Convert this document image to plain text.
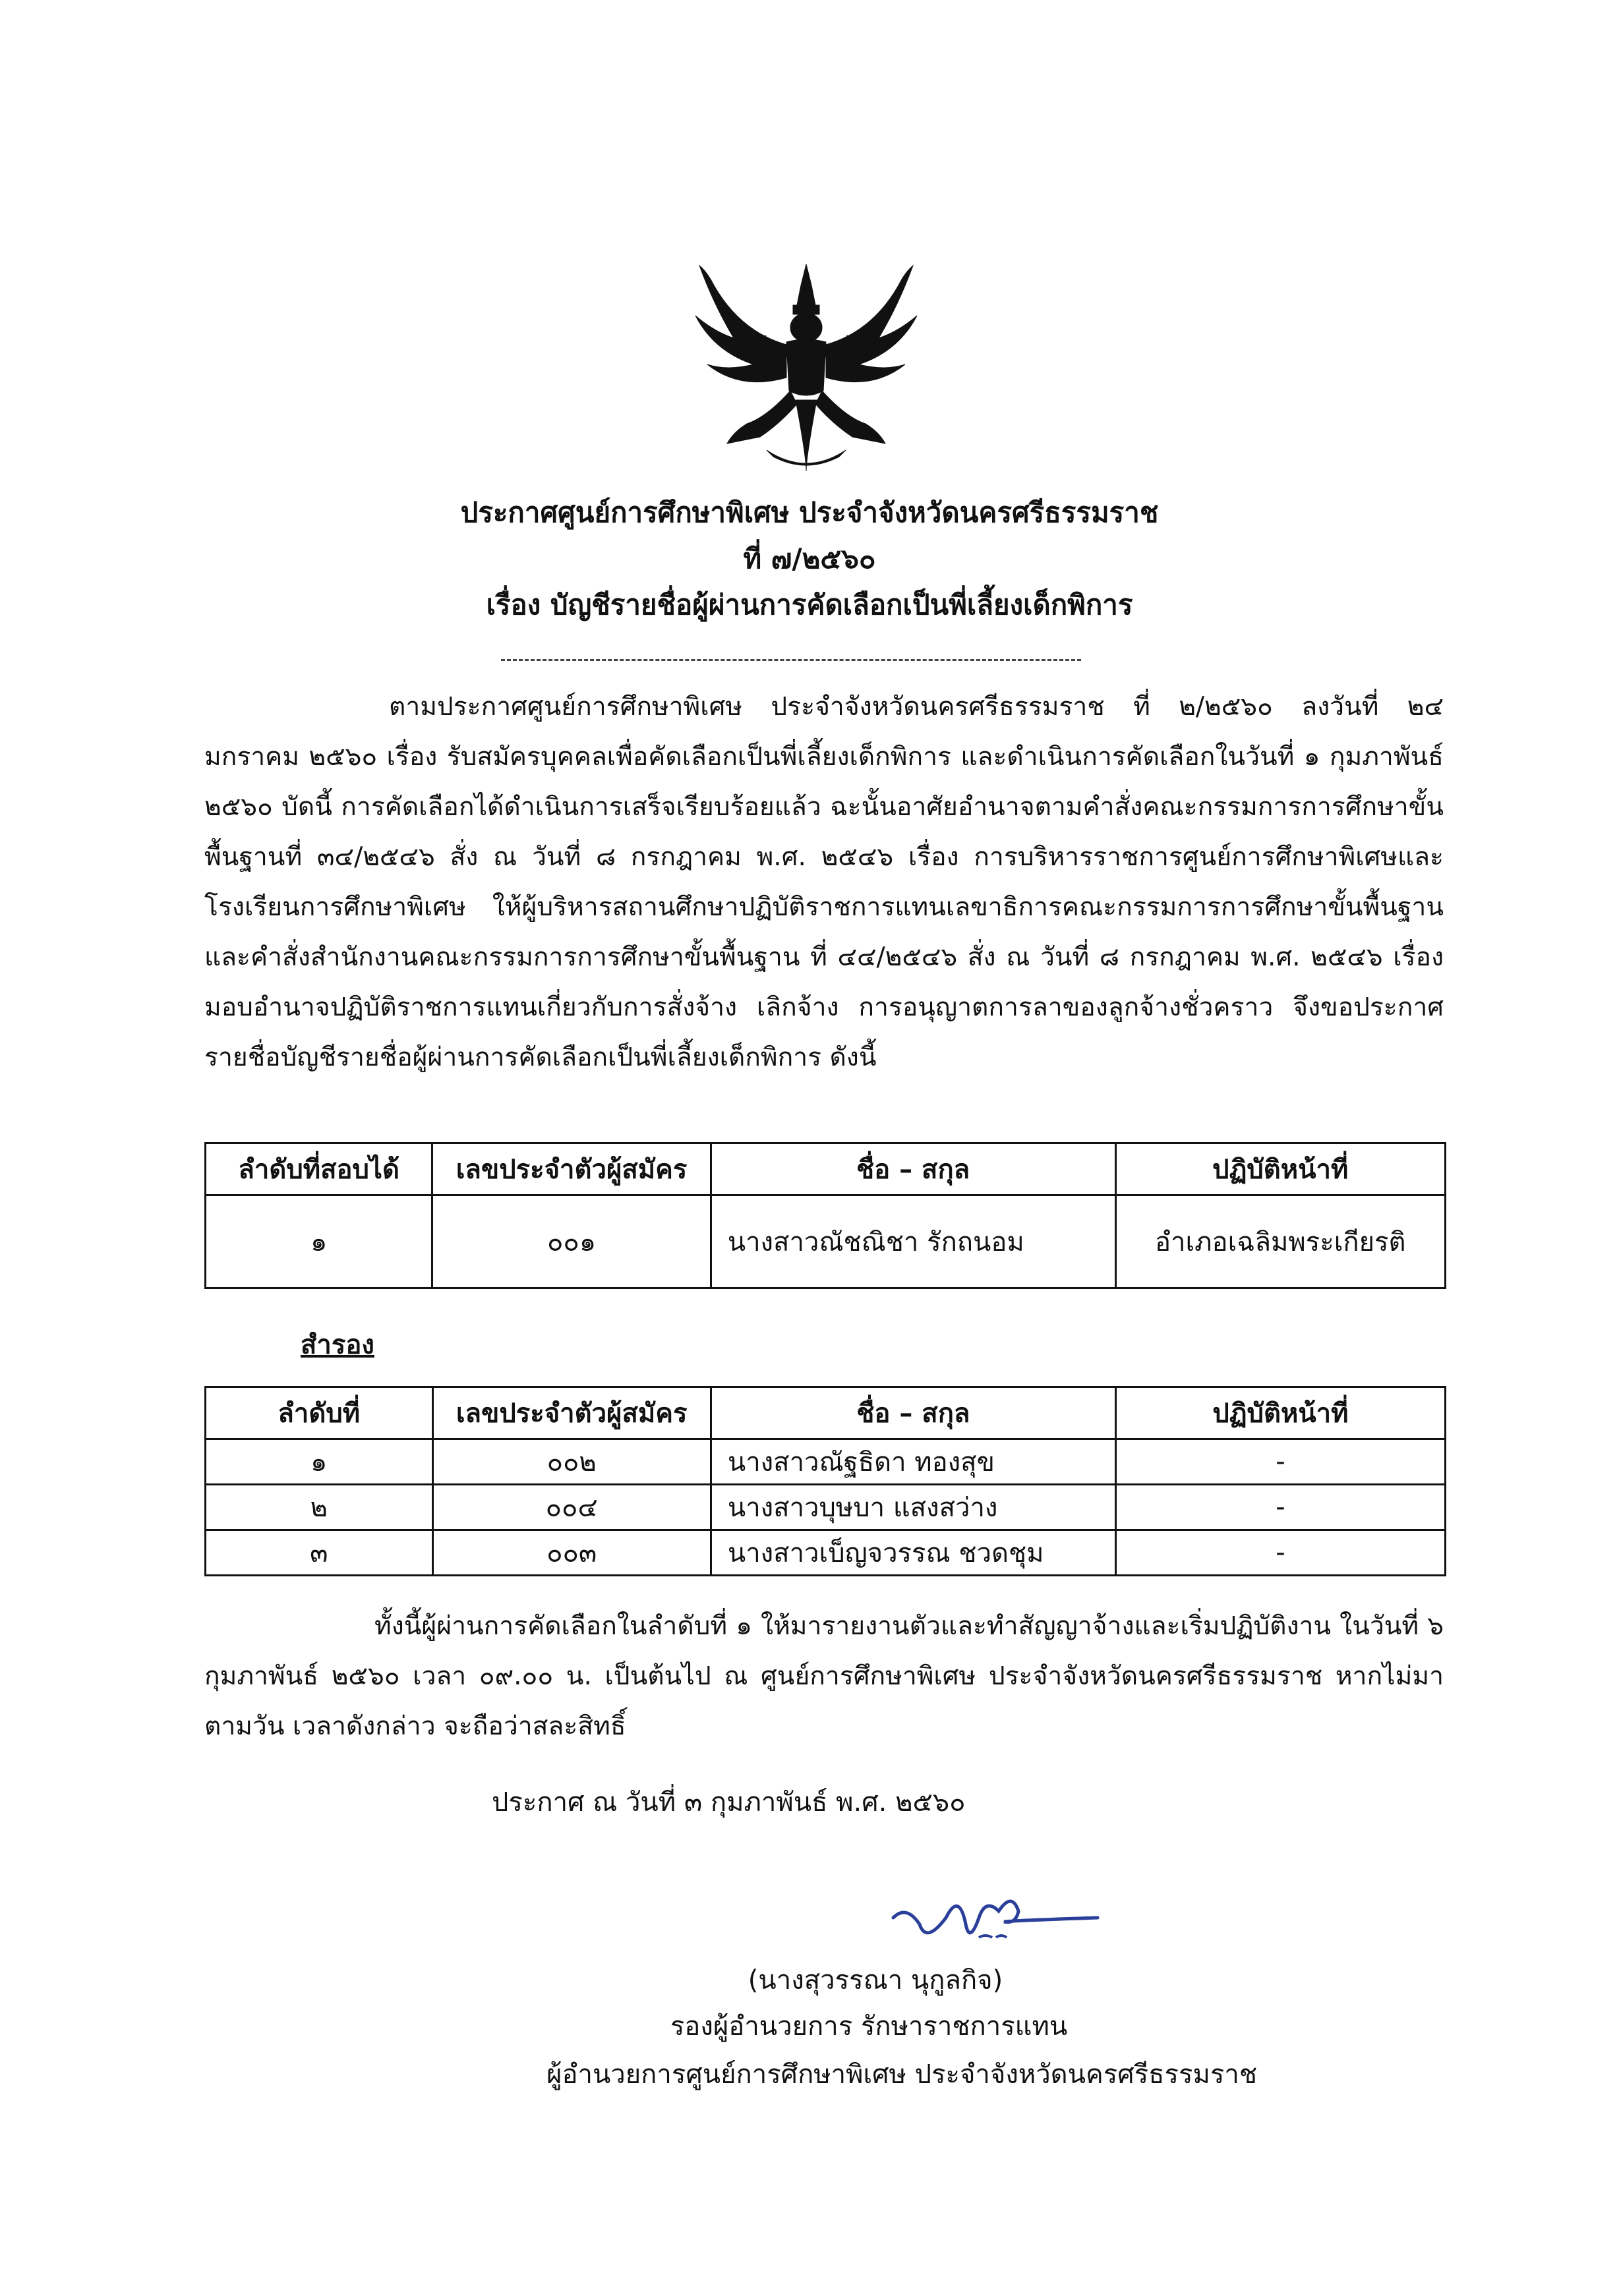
ประกาศศูนย์การศึกษาพิเศษ ประจำจังหวัดนครศรีธรรมราช
ที่ ๗/๒๕๖๐
เรื่อง บัญชีรายชื่อผู้ผ่านการคัดเลือกเป็นพี่เลี้ยงเด็กพิการ
ตามประกาศศูนย์การศึกษาพิเศษ ประจำจังหวัดนครศรีธรรมราช ที่ ๒/๒๕๖๐ ลงวันที่ ๒๔ มกราคม ๒๕๖๐ เรื่อง รับสมัครบุคคลเพื่อคัดเลือกเป็นพี่เลี้ยงเด็กพิการ และดำเนินการคัดเลือกในวันที่ ๑ กุมภาพันธ์ ๒๕๖๐ บัดนี้ การคัดเลือกได้ดำเนินการเสร็จเรียบร้อยแล้ว ฉะนั้นอาศัยอำนาจตามคำสั่งคณะกรรมการการศึกษาขั้นพื้นฐานที่ ๓๔/๒๕๔๖ สั่ง ณ วันที่ ๘ กรกฎาคม พ.ศ. ๒๕๔๖ เรื่อง การบริหารราชการศูนย์การศึกษาพิเศษและโรงเรียนการศึกษาพิเศษ ให้ผู้บริหารสถานศึกษาปฏิบัติราชการแทนเลขาธิการคณะกรรมการการศึกษาขั้นพื้นฐาน และคำสั่งสำนักงานคณะกรรมการการศึกษาขั้นพื้นฐาน ที่ ๔๔/๒๕๔๖ สั่ง ณ วันที่ ๘ กรกฎาคม พ.ศ. ๒๕๔๖ เรื่อง มอบอำนาจปฏิบัติราชการแทนเกี่ยวกับการสั่งจ้าง เลิกจ้าง การอนุญาตการลาของลูกจ้างชั่วคราว จึงขอประกาศรายชื่อบัญชีรายชื่อผู้ผ่านการคัดเลือกเป็นพี่เลี้ยงเด็กพิการ ดังนี้
ลำดับที่สอบได้	เลขประจำตัวผู้สมัคร	ชื่อ – สกุล	ปฏิบัติหน้าที่
๑	๐๐๑	นางสาวณัชณิชา รักถนอม	อำเภอเฉลิมพระเกียรติ
สำรอง
ลำดับที่	เลขประจำตัวผู้สมัคร	ชื่อ – สกุล	ปฏิบัติหน้าที่
๑	๐๐๒	นางสาวณัฐธิดา ทองสุข	-
๒	๐๐๔	นางสาวบุษบา แสงสว่าง	-
๓	๐๐๓	นางสาวเบ็ญจวรรณ ชวดชุม	-
ทั้งนี้ผู้ผ่านการคัดเลือกในลำดับที่ ๑ ให้มารายงานตัวและทำสัญญาจ้างและเริ่มปฏิบัติงาน ในวันที่ ๖ กุมภาพันธ์ ๒๕๖๐ เวลา ๐๙.๐๐ น. เป็นต้นไป ณ ศูนย์การศึกษาพิเศษ ประจำจังหวัดนครศรีธรรมราช หากไม่มาตามวัน เวลาดังกล่าว จะถือว่าสละสิทธิ์
ประกาศ ณ วันที่ ๓ กุมภาพันธ์ พ.ศ. ๒๕๖๐
(นางสุวรรณา นุกูลกิจ)
รองผู้อำนวยการ รักษาราชการแทน
ผู้อำนวยการศูนย์การศึกษาพิเศษ ประจำจังหวัดนครศรีธรรมราช
